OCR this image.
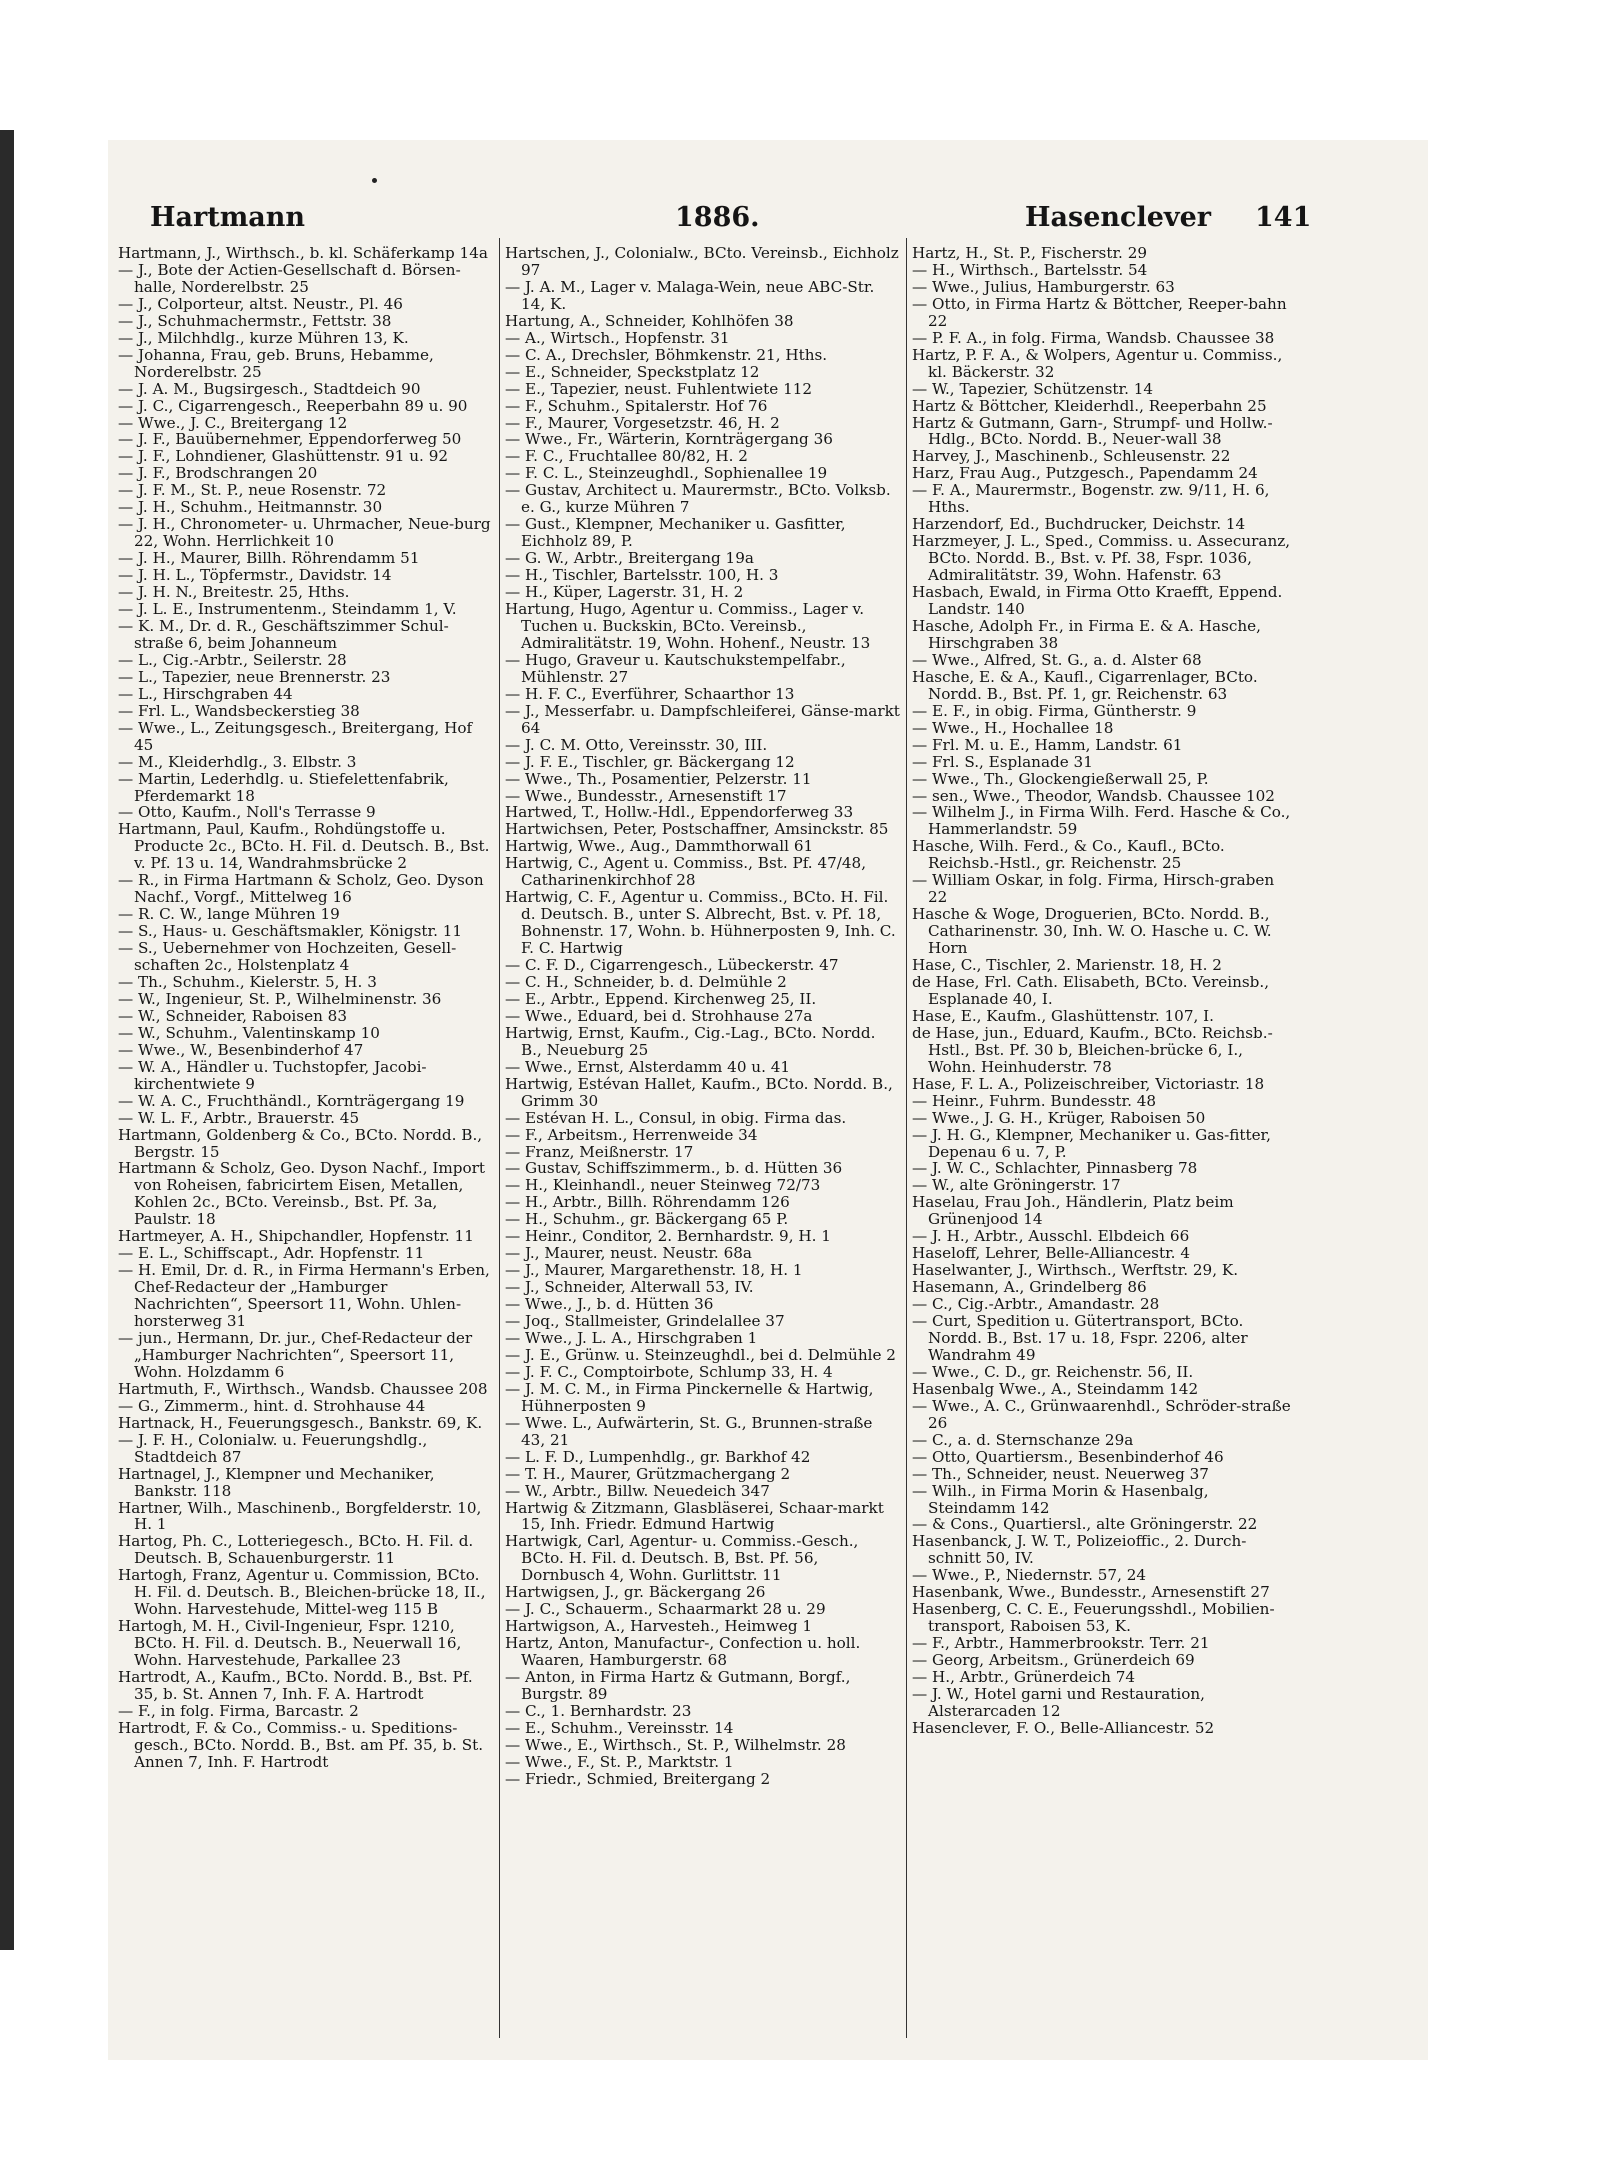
Hartmann	1886.	Hasenclever 141

Hartmann, J., Wirthsch., b. kl. Schäferkamp 14a

— J., Bote der Actien-Gesellschaft d. Börsen-halle, Norderelbstr. 25

— J., Colporteur, altst. Neustr., Pl. 46

— J., Schuhmachermstr., Fettstr. 38

— J., Milchhdlg., kurze Mühren 13, K.

— Johanna, Frau, geb. Bruns, Hebamme, Norderelbstr. 25

— J. A. M., Bugsirgesch., Stadtdeich 90

— J. C., Cigarrengesch., Reeperbahn 89 u. 90

— Wwe., J. C., Breitergang 12

— J. F., Bauübernehmer, Eppendorferweg 50

— J. F., Lohndiener, Glashüttenstr. 91 u. 92

— J. F., Brodschrangen 20

— J. F. M., St. P., neue Rosenstr. 72

— J. H., Schuhm., Heitmannstr. 30

— J. H., Chronometer- u. Uhrmacher, Neue-burg 22, Wohn. Herrlichkeit 10

— J. H., Maurer, Billh. Röhrendamm 51

— J. H. L., Töpfermstr., Davidstr. 14

— J. H. N., Breitestr. 25, Hths.

— J. L. E., Instrumentenm., Steindamm 1, V.

— K. M., Dr. d. R., Geschäftszimmer Schul-straße 6, beim Johanneum

— L., Cig.-Arbtr., Seilerstr. 28

— L., Tapezier, neue Brennerstr. 23

— L., Hirschgraben 44

— Frl. L., Wandsbeckerstieg 38

— Wwe., L., Zeitungsgesch., Breitergang, Hof 45

— M., Kleiderhdlg., 3. Elbstr. 3

— Martin, Lederhdlg. u. Stiefelettenfabrik, Pferdemarkt 18

— Otto, Kaufm., Noll's Terrasse 9

Hartmann, Paul, Kaufm., Rohdüngstoffe u. Producte 2c., BCto. H. Fil. d. Deutsch. B., Bst. v. Pf. 13 u. 14, Wandrahmsbrücke 2

— R., in Firma Hartmann & Scholz, Geo. Dyson Nachf., Vorgf., Mittelweg 16

— R. C. W., lange Mühren 19

— S., Haus- u. Geschäftsmakler, Königstr. 11

— S., Uebernehmer von Hochzeiten, Gesell-schaften 2c., Holstenplatz 4

— Th., Schuhm., Kielerstr. 5, H. 3

— W., Ingenieur, St. P., Wilhelminenstr. 36

— W., Schneider, Raboisen 83

— W., Schuhm., Valentinskamp 10

— Wwe., W., Besenbinderhof 47

— W. A., Händler u. Tuchstopfer, Jacobi-kirchentwiete 9

— W. A. C., Fruchthändl., Kornträgergang 19

— W. L. F., Arbtr., Brauerstr. 45

Hartmann, Goldenberg & Co., BCto. Nordd. B., Bergstr. 15

Hartmann & Scholz, Geo. Dyson Nachf., Import von Roheisen, fabricirtem Eisen, Metallen, Kohlen 2c., BCto. Vereinsb., Bst. Pf. 3a, Paulstr. 18

Hartmeyer, A. H., Shipchandler, Hopfenstr. 11

— E. L., Schiffscapt., Adr. Hopfenstr. 11

— H. Emil, Dr. d. R., in Firma Hermann's Erben, Chef-Redacteur der „Hamburger Nachrichten“, Speersort 11, Wohn. Uhlen-horsterweg 31

— jun., Hermann, Dr. jur., Chef-Redacteur der „Hamburger Nachrichten“, Speersort 11, Wohn. Holzdamm 6

Hartmuth, F., Wirthsch., Wandsb. Chaussee 208

— G., Zimmerm., hint. d. Strohhause 44

Hartnack, H., Feuerungsgesch., Bankstr. 69, K.

— J. F. H., Colonialw. u. Feuerungshdlg., Stadtdeich 87

Hartnagel, J., Klempner und Mechaniker, Bankstr. 118

Hartner, Wilh., Maschinenb., Borgfelderstr. 10, H. 1

Hartog, Ph. C., Lotteriegesch., BCto. H. Fil. d. Deutsch. B, Schauenburgerstr. 11

Hartogh, Franz, Agentur u. Commission, BCto. H. Fil. d. Deutsch. B., Bleichen-brücke 18, II., Wohn. Harvestehude, Mittel-weg 115 B

Hartogh, M. H., Civil-Ingenieur, Fspr. 1210, BCto. H. Fil. d. Deutsch. B., Neuerwall 16, Wohn. Harvestehude, Parkallee 23

Hartrodt, A., Kaufm., BCto. Nordd. B., Bst. Pf. 35, b. St. Annen 7, Inh. F. A. Hartrodt

— F., in folg. Firma, Barcastr. 2

Hartrodt, F. & Co., Commiss.- u. Speditions-gesch., BCto. Nordd. B., Bst. am Pf. 35, b. St. Annen 7, Inh. F. Hartrodt

Hartschen, J., Colonialw., BCto. Vereinsb., Eichholz 97

— J. A. M., Lager v. Malaga-Wein, neue ABC-Str. 14, K.

Hartung, A., Schneider, Kohlhöfen 38

— A., Wirtsch., Hopfenstr. 31

— C. A., Drechsler, Böhmkenstr. 21, Hths.

— E., Schneider, Speckstplatz 12

— E., Tapezier, neust. Fuhlentwiete 112

— F., Schuhm., Spitalerstr. Hof 76

— F., Maurer, Vorgesetzstr. 46, H. 2

— Wwe., Fr., Wärterin, Kornträgergang 36

— F. C., Fruchtallee 80/82, H. 2

— F. C. L., Steinzeughdl., Sophienallee 19

— Gustav, Architect u. Maurermstr., BCto. Volksb. e. G., kurze Mühren 7

— Gust., Klempner, Mechaniker u. Gasfitter, Eichholz 89, P.

— G. W., Arbtr., Breitergang 19a

— H., Tischler, Bartelsstr. 100, H. 3

— H., Küper, Lagerstr. 31, H. 2

Hartung, Hugo, Agentur u. Commiss., Lager v. Tuchen u. Buckskin, BCto. Vereinsb., Admiralitätstr. 19, Wohn. Hohenf., Neustr. 13

— Hugo, Graveur u. Kautschukstempelfabr., Mühlenstr. 27

— H. F. C., Everführer, Schaarthor 13

— J., Messerfabr. u. Dampfschleiferei, Gänse-markt 64

— J. C. M. Otto, Vereinsstr. 30, III.

— J. F. E., Tischler, gr. Bäckergang 12

— Wwe., Th., Posamentier, Pelzerstr. 11

— Wwe., Bundesstr., Arnesenstift 17

Hartwed, T., Hollw.-Hdl., Eppendorferweg 33

Hartwichsen, Peter, Postschaffner, Amsinckstr. 85

Hartwig, Wwe., Aug., Dammthorwall 61

Hartwig, C., Agent u. Commiss., Bst. Pf. 47/48, Catharinenkirchhof 28

Hartwig, C. F., Agentur u. Commiss., BCto. H. Fil. d. Deutsch. B., unter S. Albrecht, Bst. v. Pf. 18, Bohnenstr. 17, Wohn. b. Hühnerposten 9, Inh. C. F. C. Hartwig

— C. F. D., Cigarrengesch., Lübeckerstr. 47

— C. H., Schneider, b. d. Delmühle 2

— E., Arbtr., Eppend. Kirchenweg 25, II.

— Wwe., Eduard, bei d. Strohhause 27a

Hartwig, Ernst, Kaufm., Cig.-Lag., BCto. Nordd. B., Neueburg 25

— Wwe., Ernst, Alsterdamm 40 u. 41

Hartwig, Estévan Hallet, Kaufm., BCto. Nordd. B., Grimm 30

— Estévan H. L., Consul, in obig. Firma das.

— F., Arbeitsm., Herrenweide 34

— Franz, Meißnerstr. 17

— Gustav, Schiffszimmerm., b. d. Hütten 36

— H., Kleinhandl., neuer Steinweg 72/73

— H., Arbtr., Billh. Röhrendamm 126

— H., Schuhm., gr. Bäckergang 65 P.

— Heinr., Conditor, 2. Bernhardstr. 9, H. 1

— J., Maurer, neust. Neustr. 68a

— J., Maurer, Margarethenstr. 18, H. 1

— J., Schneider, Alterwall 53, IV.

— Wwe., J., b. d. Hütten 36

— Joq., Stallmeister, Grindelallee 37

— Wwe., J. L. A., Hirschgraben 1

— J. E., Grünw. u. Steinzeughdl., bei d. Delmühle 2

— J. F. C., Comptoirbote, Schlump 33, H. 4

— J. M. C. M., in Firma Pinckernelle & Hartwig, Hühnerposten 9

— Wwe. L., Aufwärterin, St. G., Brunnen-straße 43, 21

— L. F. D., Lumpenhdlg., gr. Barkhof 42

— T. H., Maurer, Grützmachergang 2

— W., Arbtr., Billw. Neuedeich 347

Hartwig & Zitzmann, Glasbläserei, Schaar-markt 15, Inh. Friedr. Edmund Hartwig

Hartwigk, Carl, Agentur- u. Commiss.-Gesch., BCto. H. Fil. d. Deutsch. B, Bst. Pf. 56, Dornbusch 4, Wohn. Gurlittstr. 11

Hartwigsen, J., gr. Bäckergang 26

— J. C., Schauerm., Schaarmarkt 28 u. 29

Hartwigson, A., Harvesteh., Heimweg 1

Hartz, Anton, Manufactur-, Confection u. holl. Waaren, Hamburgerstr. 68

— Anton, in Firma Hartz & Gutmann, Borgf., Burgstr. 89

— C., 1. Bernhardstr. 23

— E., Schuhm., Vereinsstr. 14

— Wwe., E., Wirthsch., St. P., Wilhelmstr. 28

— Wwe., F., St. P., Marktstr. 1

— Friedr., Schmied, Breitergang 2

Hartz, H., St. P., Fischerstr. 29

— H., Wirthsch., Bartelsstr. 54

— Wwe., Julius, Hamburgerstr. 63

— Otto, in Firma Hartz & Böttcher, Reeper-bahn 22

— P. F. A., in folg. Firma, Wandsb. Chaussee 38

Hartz, P. F. A., & Wolpers, Agentur u. Commiss., kl. Bäckerstr. 32

— W., Tapezier, Schützenstr. 14

Hartz & Böttcher, Kleiderhdl., Reeperbahn 25

Hartz & Gutmann, Garn-, Strumpf- und Hollw.-Hdlg., BCto. Nordd. B., Neuer-wall 38

Harvey, J., Maschinenb., Schleusenstr. 22

Harz, Frau Aug., Putzgesch., Papendamm 24

— F. A., Maurermstr., Bogenstr. zw. 9/11, H. 6, Hths.

Harzendorf, Ed., Buchdrucker, Deichstr. 14

Harzmeyer, J. L., Sped., Commiss. u. Assecuranz, BCto. Nordd. B., Bst. v. Pf. 38, Fspr. 1036, Admiralitätstr. 39, Wohn. Hafenstr. 63

Hasbach, Ewald, in Firma Otto Kraefft, Eppend. Landstr. 140

Hasche, Adolph Fr., in Firma E. & A. Hasche, Hirschgraben 38

— Wwe., Alfred, St. G., a. d. Alster 68

Hasche, E. & A., Kaufl., Cigarrenlager, BCto. Nordd. B., Bst. Pf. 1, gr. Reichenstr. 63

— E. F., in obig. Firma, Güntherstr. 9

— Wwe., H., Hochallee 18

— Frl. M. u. E., Hamm, Landstr. 61

— Frl. S., Esplanade 31

— Wwe., Th., Glockengießerwall 25, P.

— sen., Wwe., Theodor, Wandsb. Chaussee 102

— Wilhelm J., in Firma Wilh. Ferd. Hasche & Co., Hammerlandstr. 59

Hasche, Wilh. Ferd., & Co., Kaufl., BCto. Reichsb.-Hstl., gr. Reichenstr. 25

— William Oskar, in folg. Firma, Hirsch-graben 22

Hasche & Woge, Droguerien, BCto. Nordd. B., Catharinenstr. 30, Inh. W. O. Hasche u. C. W. Horn

Hase, C., Tischler, 2. Marienstr. 18, H. 2

de Hase, Frl. Cath. Elisabeth, BCto. Vereinsb., Esplanade 40, I.

Hase, E., Kaufm., Glashüttenstr. 107, I.

de Hase, jun., Eduard, Kaufm., BCto. Reichsb.-Hstl., Bst. Pf. 30 b, Bleichen-brücke 6, I., Wohn. Heinhuderstr. 78

Hase, F. L. A., Polizeischreiber, Victoriastr. 18

— Heinr., Fuhrm. Bundesstr. 48

— Wwe., J. G. H., Krüger, Raboisen 50

— J. H. G., Klempner, Mechaniker u. Gas-fitter, Depenau 6 u. 7, P.

— J. W. C., Schlachter, Pinnasberg 78

— W., alte Gröningerstr. 17

Haselau, Frau Joh., Händlerin, Platz beim Grünenjood 14

— J. H., Arbtr., Ausschl. Elbdeich 66

Haseloff, Lehrer, Belle-Alliancestr. 4

Haselwanter, J., Wirthsch., Werftstr. 29, K.

Hasemann, A., Grindelberg 86

— C., Cig.-Arbtr., Amandastr. 28

— Curt, Spedition u. Gütertransport, BCto. Nordd. B., Bst. 17 u. 18, Fspr. 2206, alter Wandrahm 49

— Wwe., C. D., gr. Reichenstr. 56, II.

Hasenbalg Wwe., A., Steindamm 142

— Wwe., A. C., Grünwaarenhdl., Schröder-straße 26

— C., a. d. Sternschanze 29a

— Otto, Quartiersm., Besenbinderhof 46

— Th., Schneider, neust. Neuerweg 37

— Wilh., in Firma Morin & Hasenbalg, Steindamm 142

— & Cons., Quartiersl., alte Gröningerstr. 22

Hasenbanck, J. W. T., Polizeioffic., 2. Durch-schnitt 50, IV.

— Wwe., P., Niedernstr. 57, 24

Hasenbank, Wwe., Bundesstr., Arnesenstift 27

Hasenberg, C. C. E., Feuerungsshdl., Mobilien-transport, Raboisen 53, K.

— F., Arbtr., Hammerbrookstr. Terr. 21

— Georg, Arbeitsm., Grünerdeich 69

— H., Arbtr., Grünerdeich 74

— J. W., Hotel garni und Restauration, Alsterarcaden 12

Hasenclever, F. O., Belle-Alliancestr. 52
